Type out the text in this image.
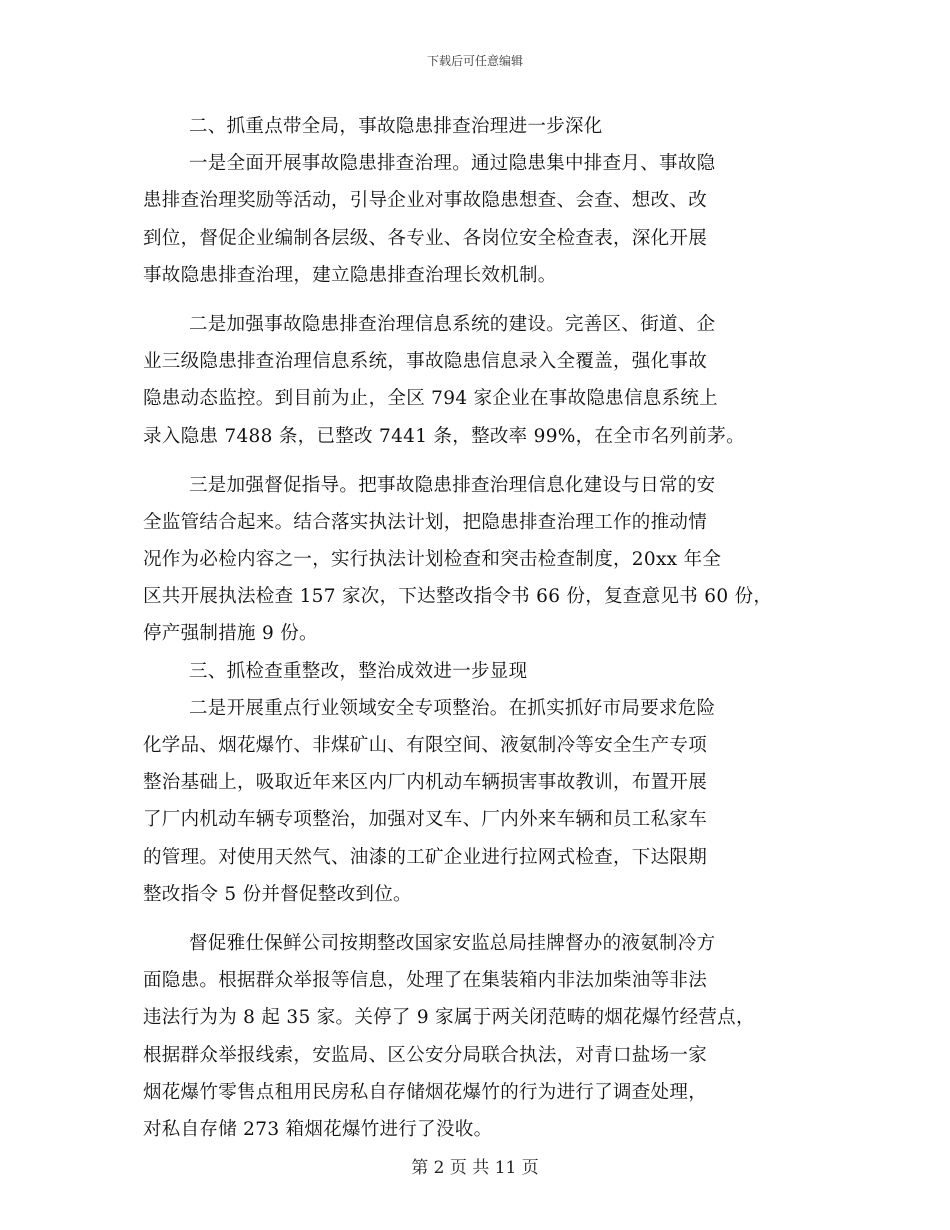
下载后可任意编辑
二、抓重点带全局，事故隐患排查治理进一步深化
一是全面开展事故隐患排查治理。通过隐患集中排查月、事故隐
患排查治理奖励等活动，引导企业对事故隐患想查、会查、想改、改
到位，督促企业编制各层级、各专业、各岗位安全检查表，深化开展
事故隐患排查治理，建立隐患排查治理长效机制。
二是加强事故隐患排查治理信息系统的建设。完善区、街道、企
业三级隐患排查治理信息系统，事故隐患信息录入全覆盖，强化事故
隐患动态监控。到目前为止，全区 794 家企业在事故隐患信息系统上
录入隐患 7488 条，已整改 7441 条，整改率 99%，在全市名列前茅。
三是加强督促指导。把事故隐患排查治理信息化建设与日常的安
全监管结合起来。结合落实执法计划，把隐患排查治理工作的推动情
况作为必检内容之一，实行执法计划检查和突击检查制度，20xx 年全
区共开展执法检查 157 家次，下达整改指令书 66 份，复查意见书 60 份，
停产强制措施 9 份。
三、抓检查重整改，整治成效进一步显现
二是开展重点行业领域安全专项整治。在抓实抓好市局要求危险
化学品、烟花爆竹、非煤矿山、有限空间、液氨制冷等安全生产专项
整治基础上，吸取近年来区内厂内机动车辆损害事故教训，布置开展
了厂内机动车辆专项整治，加强对叉车、厂内外来车辆和员工私家车
的管理。对使用天然气、油漆的工矿企业进行拉网式检查，下达限期
整改指令 5 份并督促整改到位。
督促雅仕保鲜公司按期整改国家安监总局挂牌督办的液氨制冷方
面隐患。根据群众举报等信息，处理了在集装箱内非法加柴油等非法
违法行为为 8 起 35 家。关停了 9 家属于两关闭范畴的烟花爆竹经营点，
根据群众举报线索，安监局、区公安分局联合执法，对青口盐场一家
烟花爆竹零售点租用民房私自存储烟花爆竹的行为进行了调查处理，
对私自存储 273 箱烟花爆竹进行了没收。
第 2 页 共 11 页
